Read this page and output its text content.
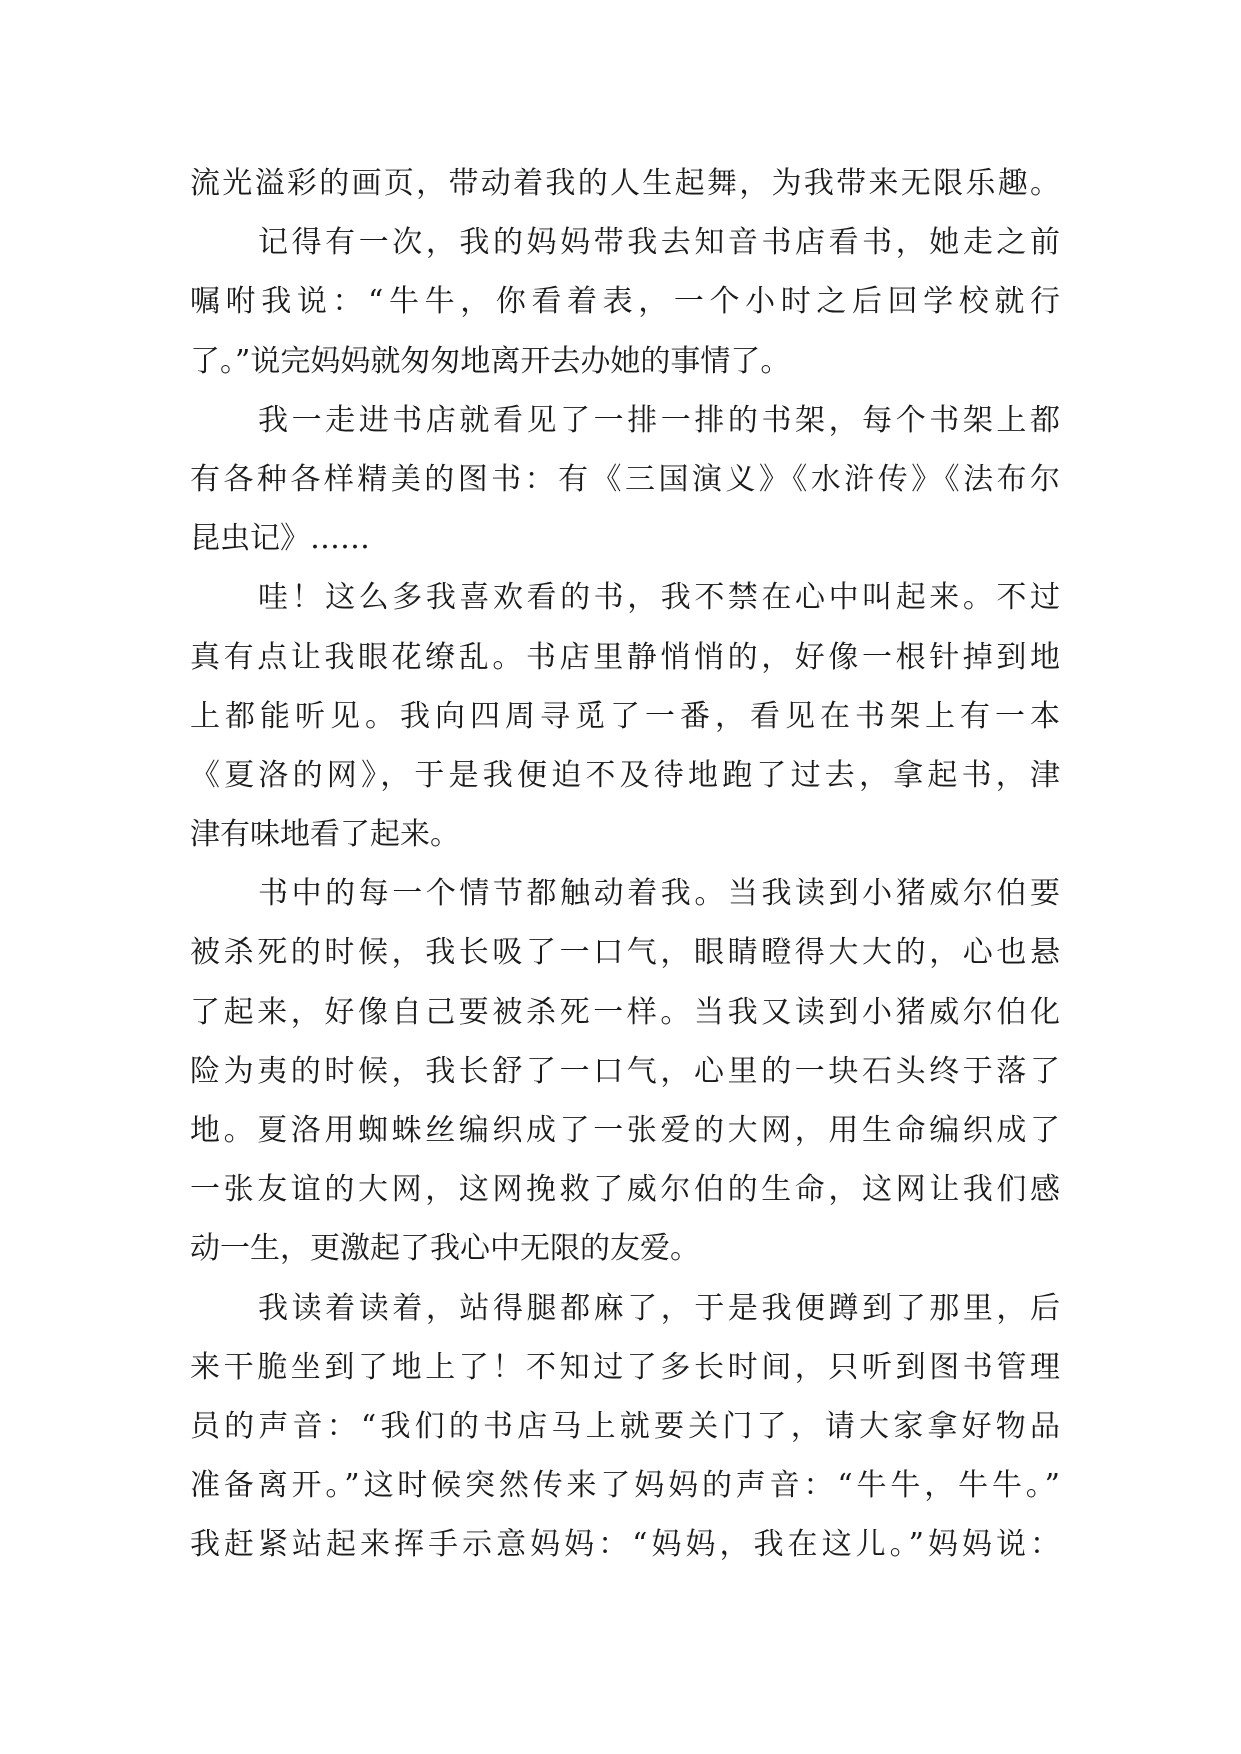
流光溢彩的画页，带动着我的人生起舞，为我带来无限乐趣。
记得有一次，我的妈妈带我去知音书店看书，她走之前
嘱咐我说：“牛牛，你看着表，一个小时之后回学校就行
了。”说完妈妈就匆匆地离开去办她的事情了。
我一走进书店就看见了一排一排的书架，每个书架上都
有各种各样精美的图书：有《三国演义》《水浒传》《法布尔
昆虫记》……
哇！这么多我喜欢看的书，我不禁在心中叫起来。不过
真有点让我眼花缭乱。书店里静悄悄的，好像一根针掉到地
上都能听见。我向四周寻觅了一番，看见在书架上有一本
《夏洛的网》，于是我便迫不及待地跑了过去，拿起书，津
津有味地看了起来。
书中的每一个情节都触动着我。当我读到小猪威尔伯要
被杀死的时候，我长吸了一口气，眼睛瞪得大大的，心也悬
了起来，好像自己要被杀死一样。当我又读到小猪威尔伯化
险为夷的时候，我长舒了一口气，心里的一块石头终于落了
地。夏洛用蜘蛛丝编织成了一张爱的大网，用生命编织成了
一张友谊的大网，这网挽救了威尔伯的生命，这网让我们感
动一生，更激起了我心中无限的友爱。
我读着读着，站得腿都麻了，于是我便蹲到了那里，后
来干脆坐到了地上了！不知过了多长时间，只听到图书管理
员的声音：“我们的书店马上就要关门了，请大家拿好物品
准备离开。”这时候突然传来了妈妈的声音：“牛牛，牛牛。”
我赶紧站起来挥手示意妈妈：“妈妈，我在这儿。”妈妈说：
